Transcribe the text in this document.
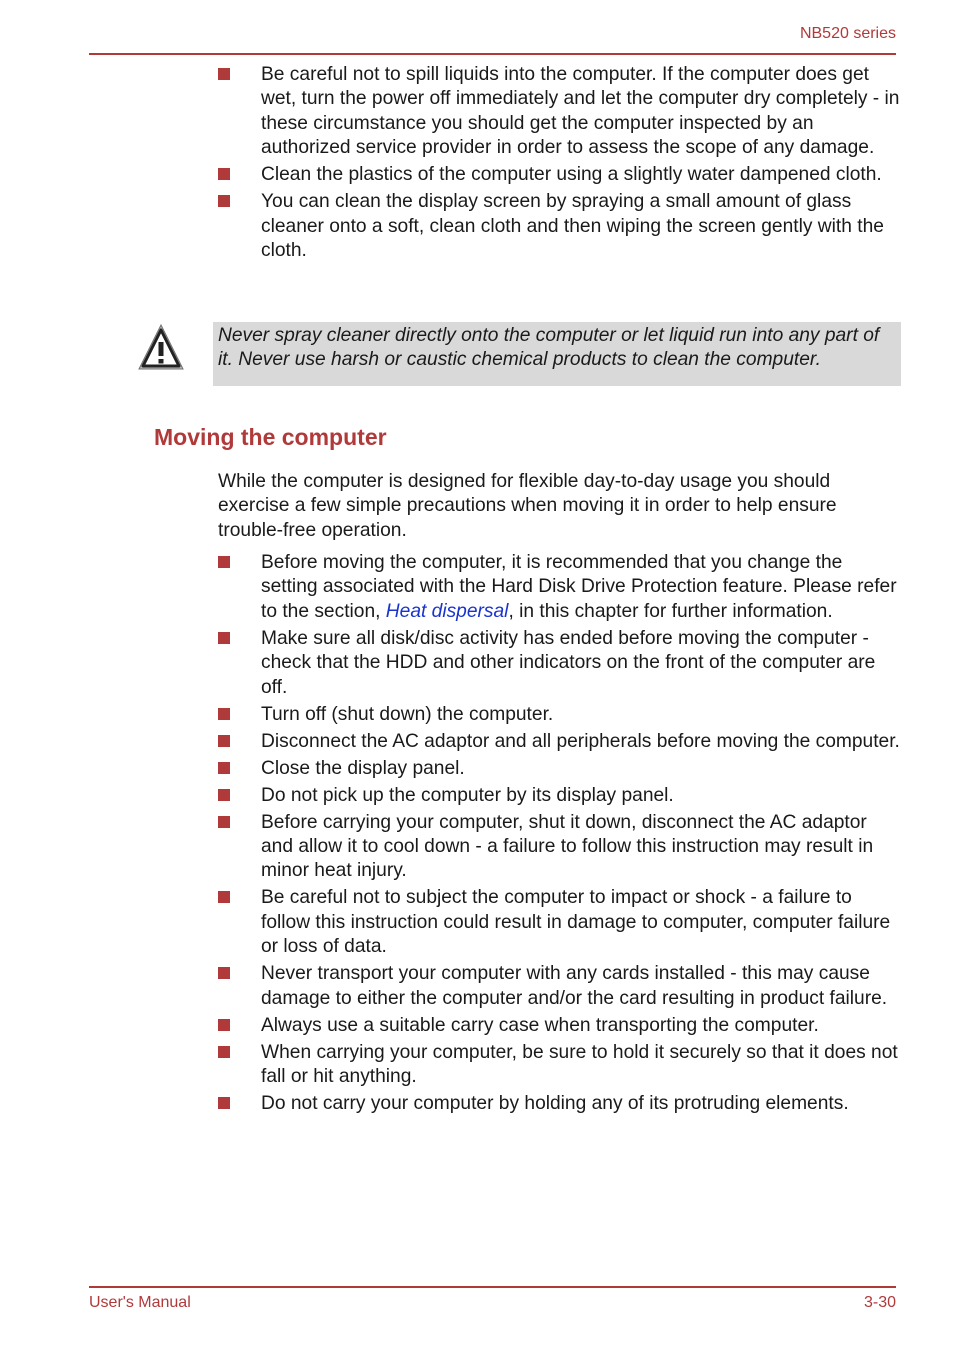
NB520 series
Be careful not to spill liquids into the computer. If the computer does get wet, turn the power off immediately and let the computer dry completely - in these circumstance you should get the computer inspected by an authorized service provider in order to assess the scope of any damage.
Clean the plastics of the computer using a slightly water dampened cloth.
You can clean the display screen by spraying a small amount of glass cleaner onto a soft, clean cloth and then wiping the screen gently with the cloth.
Never spray cleaner directly onto the computer or let liquid run into any part of it. Never use harsh or caustic chemical products to clean the computer.
Moving the computer

While the computer is designed for flexible day-to-day usage you should exercise a few simple precautions when moving it in order to help ensure trouble-free operation.

Before moving the computer, it is recommended that you change the setting associated with the Hard Disk Drive Protection feature. Please refer to the section, Heat dispersal, in this chapter for further information.
Make sure all disk/disc activity has ended before moving the computer - check that the HDD and other indicators on the front of the computer are off.
Turn off (shut down) the computer.
Disconnect the AC adaptor and all peripherals before moving the computer.
Close the display panel.
Do not pick up the computer by its display panel.
Before carrying your computer, shut it down, disconnect the AC adaptor and allow it to cool down - a failure to follow this instruction may result in minor heat injury.
Be careful not to subject the computer to impact or shock - a failure to follow this instruction could result in damage to computer, computer failure or loss of data.
Never transport your computer with any cards installed - this may cause damage to either the computer and/or the card resulting in product failure.
Always use a suitable carry case when transporting the computer.
When carrying your computer, be sure to hold it securely so that it does not fall or hit anything.
Do not carry your computer by holding any of its protruding elements.
User's Manual	3-30
